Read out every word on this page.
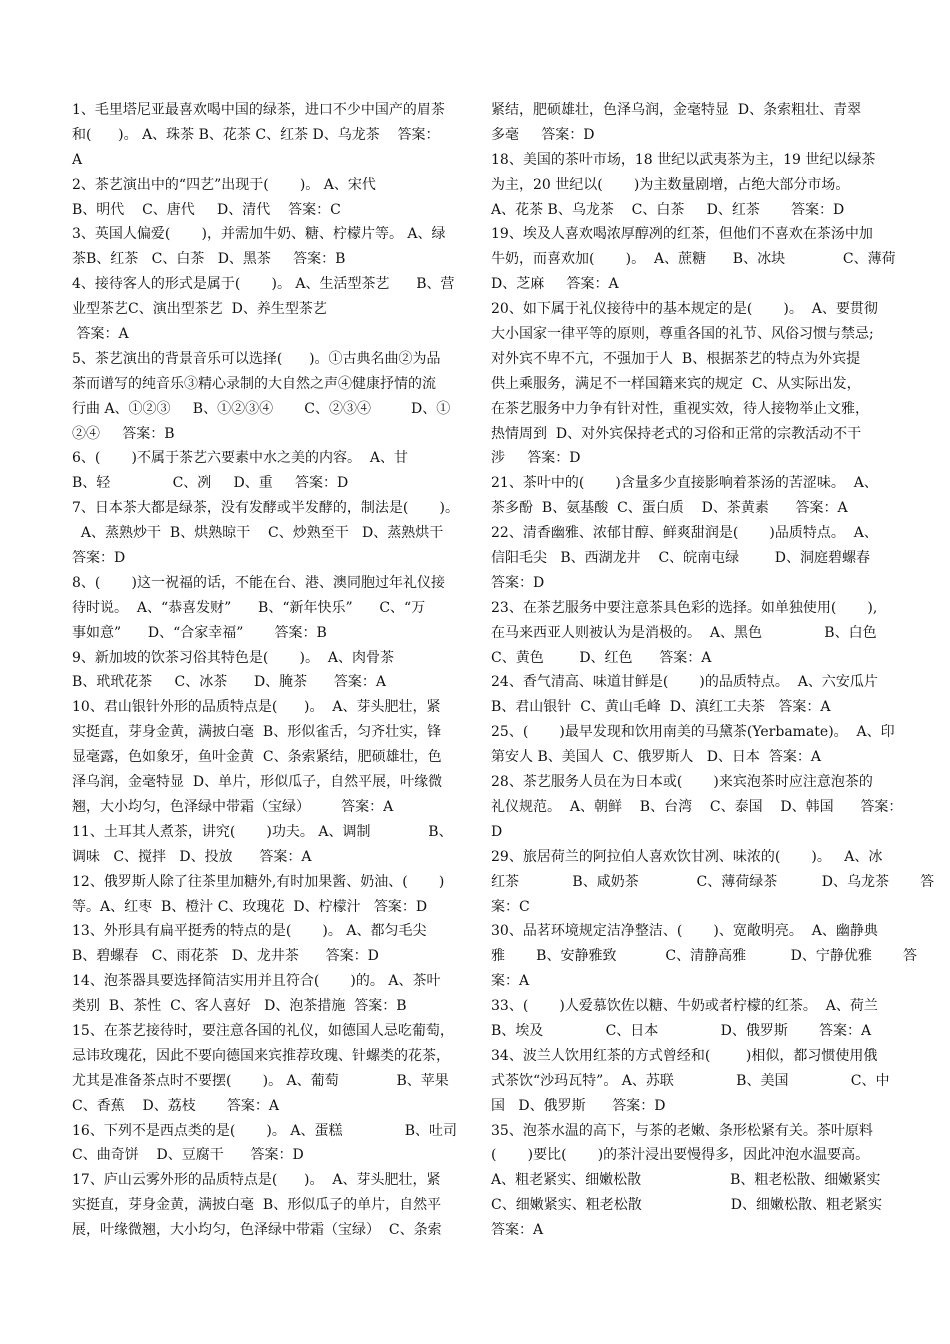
1、毛里塔尼亚最喜欢喝中国的绿茶，进口不少中国产的眉茶
和(      )。 A、珠茶 B、花茶 C、红茶 D、乌龙茶    答案：
A
2、茶艺演出中的“四艺”出现于(       )。 A、宋代
B、明代    C、唐代     D、清代    答案：C
3、英国人偏爱(       )，并需加牛奶、糖、柠檬片等。 A、绿
茶B、红茶   C、白茶   D、黑茶     答案：B
4、接待客人的形式是属于(       )。 A、生活型茶艺      B、营
业型茶艺C、演出型茶艺  D、养生型茶艺
答案：A
5、茶艺演出的背景音乐可以选择(      )。①古典名曲②为品
茶而谱写的纯音乐③精心录制的大自然之声④健康抒情的流
行曲 A、①②③     B、①②③④       C、②③④         D、①
②④     答案：B
6、(       )不属于茶艺六要素中水之美的内容。  A、甘
B、轻              C、冽     D、重     答案：D
7、日本茶大都是绿茶，没有发酵或半发酵的，制法是(       )。
A、蒸熟炒干  B、烘熟晾干    C、炒熟至干   D、蒸熟烘干
答案：D
8、(       )这一祝福的话，不能在台、港、澳同胞过年礼仪接
待时说。  A、“恭喜发财”      B、“新年快乐”      C、“万
事如意”      D、“合家幸福”       答案：B
9、新加坡的饮茶习俗其特色是(       )。  A、肉骨茶
B、玳玳花茶     C、冰茶      D、腌茶      答案：A
10、君山银针外形的品质特点是(      )。  A、芽头肥壮，紧
实挺直，芽身金黄，满披白毫  B、形似雀舌，匀齐壮实，锋
显毫露，色如象牙，鱼叶金黄  C、条索紧结，肥硕雄壮，色
泽乌润，金毫特显  D、单片，形似瓜子，自然平展，叶缘微
翘，大小均匀，色泽绿中带霜（宝绿）       答案：A
11、土耳其人煮茶，讲究(       )功夫。 A、调制             B、
调味   C、搅拌   D、投放      答案：A
12、俄罗斯人除了往茶里加糖外,有时加果酱、奶油、(       )
等。A、红枣  B、橙汁 C、玫瑰花  D、柠檬汁   答案：D
13、外形具有扁平挺秀的特点的是(       )。 A、都匀毛尖
B、碧螺春   C、雨花茶   D、龙井茶      答案：D
14、泡茶器具要选择简洁实用并且符合(       )的。 A、茶叶
类别  B、茶性  C、客人喜好   D、泡茶措施  答案：B
15、在茶艺接待时，要注意各国的礼仪，如德国人忌吃葡萄，
忌讳玫瑰花，因此不要向德国来宾推荐玫瑰、针螺类的花茶，
尤其是准备茶点时不要摆(       )。 A、葡萄             B、苹果
C、香蕉    D、荔枝       答案：A
16、下列不是西点类的是(       )。 A、蛋糕              B、吐司
C、曲奇饼    D、豆腐干      答案：D
17、庐山云雾外形的品质特点是(      )。  A、芽头肥壮，紧
实挺直，芽身金黄，满披白毫  B、形似瓜子的单片，自然平
展，叶缘微翘，大小均匀，色泽绿中带霜（宝绿）  C、条索
紧结，肥硕雄壮，色泽乌润，金毫特显  D、条索粗壮、青翠
多毫     答案：D
18、美国的茶叶市场，18 世纪以武夷茶为主，19 世纪以绿茶
为主，20 世纪以(       )为主数量剧增，占绝大部分市场。
A、花茶 B、乌龙茶    C、白茶     D、红茶       答案：D
19、埃及人喜欢喝浓厚醇冽的红茶，但他们不喜欢在茶汤中加
牛奶，而喜欢加(       )。  A、蔗糖      B、冰块             C、薄荷
D、芝麻     答案：A
20、如下属于礼仪接待中的基本规定的是(       )。  A、要贯彻
大小国家一律平等的原则，尊重各国的礼节、风俗习惯与禁忌;
对外宾不卑不亢，不强加于人  B、根据茶艺的特点为外宾提
供上乘服务，满足不一样国籍来宾的规定  C、从实际出发，
在茶艺服务中力争有针对性，重视实效，待人接物举止文雅，
热情周到  D、对外宾保持老式的习俗和正常的宗教活动不干
涉     答案：D
21、茶叶中的(       )含量多少直接影响着茶汤的苦涩味。  A、
茶多酚  B、氨基酸  C、蛋白质    D、茶黄素      答案：A
22、清香幽雅、浓郁甘醇、鲜爽甜润是(       )品质特点。  A、
信阳毛尖   B、西湖龙井    C、皖南屯绿        D、洞庭碧螺春
答案：D
23、在茶艺服务中要注意茶具色彩的选择。如单独使用(       ),
在马来西亚人则被认为是消极的。  A、黑色              B、白色
C、黄色        D、红色      答案：A
24、香气清高、味道甘鲜是(       )的品质特点。  A、六安瓜片
B、君山银针  C、黄山毛峰  D、滇红工夫茶   答案：A
25、(       )最早发现和饮用南美的马黛茶(Yerbamate)。  A、印
第安人 B、美国人  C、俄罗斯人   D、日本  答案：A
28、茶艺服务人员在为日本或(       )来宾泡茶时应注意泡茶的
礼仪规范。  A、朝鲜    B、台湾    C、泰国    D、韩国      答案：
D
29、旅居荷兰的阿拉伯人喜欢饮甘冽、味浓的(       )。   A、冰
红茶            B、咸奶茶             C、薄荷绿茶          D、乌龙茶       答
案：C
30、品茗环境规定洁净整洁、(       )、宽敞明亮。  A、幽静典
雅       B、安静雅致           C、清静高雅          D、宁静优雅       答
案：A
33、(       )人爱慕饮佐以糖、牛奶或者柠檬的红茶。  A、荷兰
B、埃及              C、日本              D、俄罗斯       答案：A
34、波兰人饮用红茶的方式曾经和(        )相似，都习惯使用俄
式茶饮“沙玛瓦特”。 A、苏联              B、美国              C、中
国   D、俄罗斯      答案：D
35、泡茶水温的高下，与茶的老嫩、条形松紧有关。茶叶原料
(       )要比(       )的茶汁浸出要慢得多，因此冲泡水温要高。
A、粗老紧实、细嫩松散                    B、粗老松散、细嫩紧实
C、细嫩紧实、粗老松散                    D、细嫩松散、粗老紧实
答案：A
